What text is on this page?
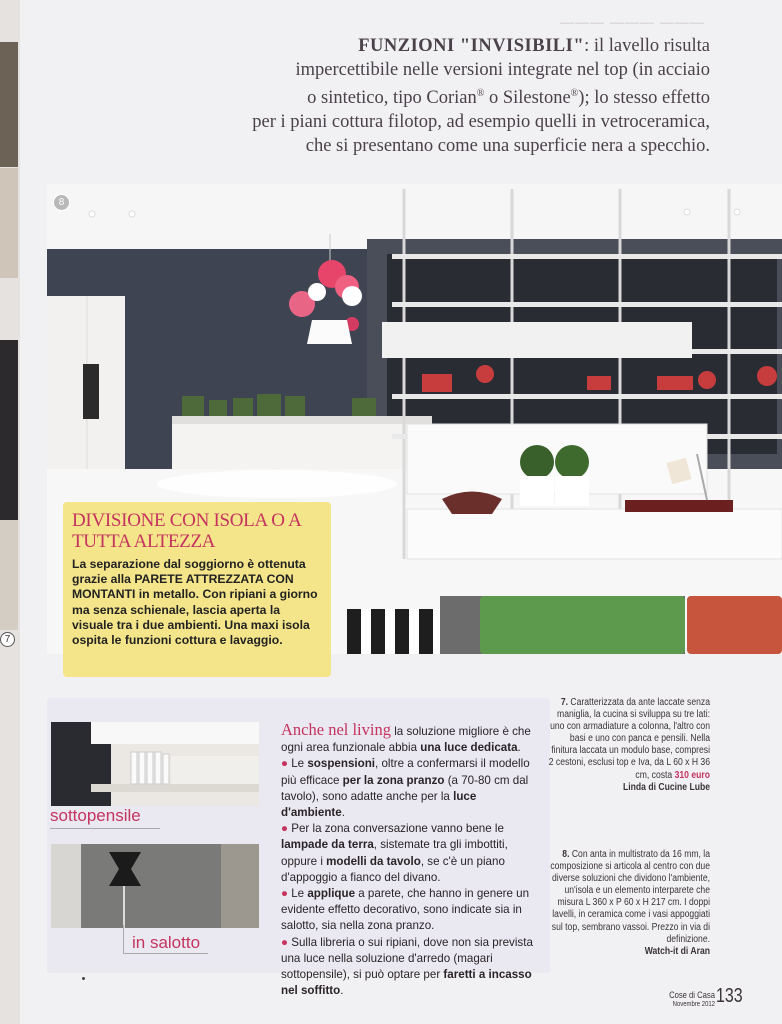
7
——— ——— ———
FUNZIONI "INVISIBILI": il lavello risulta
impercettibile nelle versioni integrate nel top (in acciaio
o sintetico, tipo Corian® o Silestone®); lo stesso effetto
per i piani cottura filotop, ad esempio quelli in vetroceramica,
che si presentano come una superficie nera a specchio.
8
DIVISIONE CON ISOLA O A TUTTA ALTEZZA
La separazione dal soggiorno è ottenuta grazie alla PARETE ATTREZZATA CON MONTANTI in metallo. Con ripiani a giorno ma senza schienale, lascia aperta la visuale tra i due ambienti. Una maxi isola ospita le funzioni cottura e lavaggio.
sottopensile
in salotto
Anche nel living la soluzione migliore è che ogni area funzionale abbia una luce dedicata.
● Le sospensioni, oltre a confermarsi il modello più efficace per la zona pranzo (a 70-80 cm dal tavolo), sono adatte anche per la luce d'ambiente.
● Per la zona conversazione vanno bene le lampade da terra, sistemate tra gli imbottiti, oppure i modelli da tavolo, se c'è un piano d'appoggio a fianco del divano.
● Le applique a parete, che hanno in genere un evidente effetto decorativo, sono indicate sia in salotto, sia nella zona pranzo.
● Sulla libreria o sui ripiani, dove non sia prevista una luce nella soluzione d'arredo (magari sottopensile), si può optare per faretti a incasso nel soffitto.
7. Caratterizzata da ante laccate senza maniglia, la cucina si sviluppa su tre lati: uno con armadiature a colonna, l'altro con basi e uno con panca e pensili. Nella finitura laccata un modulo base, compresi 2 cestoni, esclusi top e Iva, da L 60 x H 36 cm, costa 310 euro
Linda di Cucine Lube
8. Con anta in multistrato da 16 mm, la composizione si articola al centro con due diverse soluzioni che dividono l'ambiente, un'isola e un elemento interparete che misura L 360 x P 60 x H 217 cm. I doppi lavelli, in ceramica come i vasi appoggiati sul top, sembrano vassoi. Prezzo in via di definizione.
Watch-it di Aran
Cose di Casa
Novembre 2012 133
